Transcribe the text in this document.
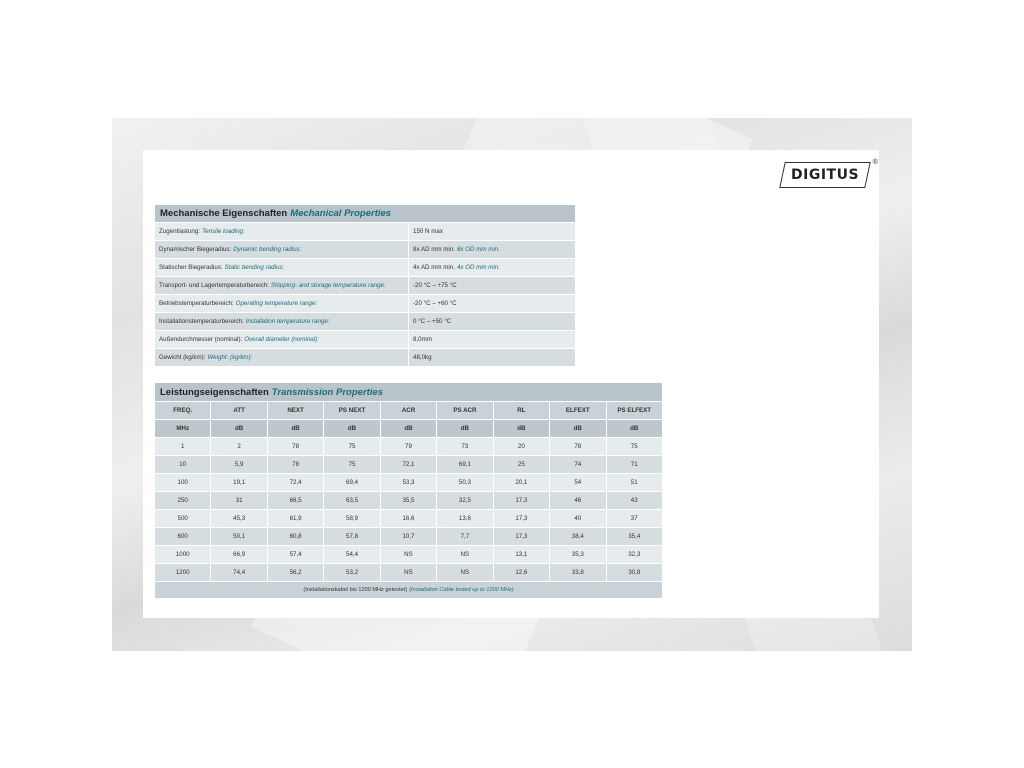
DIGITUS
®
Mechanische Eigenschaften Mechanical Properties
Zugentlastung: Tensile loading:	150 N max
Dynamischer Biegeradius: Dynamic bending radius:	8x AD mm min. 8x OD mm min.
Statischer Biegeradius: Static bending radius:	4x AD mm min. 4x OD mm min.
Transport- und Lagertemperaturbereich: Shipping- and storage temperature range:	-20 °C – +75 °C
Betriebstemperaturbereich: Operating temperature range:	-20 °C – +60 °C
Installationstemperaturbereich: Installation temperature range:	0 °C – +50 °C
Außendurchmesser (nominal): Overall diameter (nominal):	8,0mm
Gewicht (kg/km): Weight: (kg/km):	48,0kg
Leistungseigenschaften Transmission Properties
FREQ.	ATT	NEXT	PS NEXT	ACR	PS ACR	RL	ELFEXT	PS ELFEXT
MHz	dB	dB	dB	dB	dB	dB	dB	dB
1	2	78	75	79	73	20	78	75
10	5,9	78	75	72,1	69,1	25	74	71
100	19,1	72,4	69,4	53,3	50,3	20,1	54	51
250	31	66,5	63,5	35,5	32,5	17,3	46	43
500	45,3	61,9	58,9	16,6	13,6	17,3	40	37
600	50,1	60,8	57,8	10,7	7,7	17,3	38,4	35,4
1000	66,9	57,4	54,4	NS	NS	13,1	35,3	32,3
1200	74,4	56,2	53,2	NS	NS	12,6	33,8	30,8
(Installationskabel bis 1200 MHz getestet) (Installation Cable tested up to 1200 MHz)
